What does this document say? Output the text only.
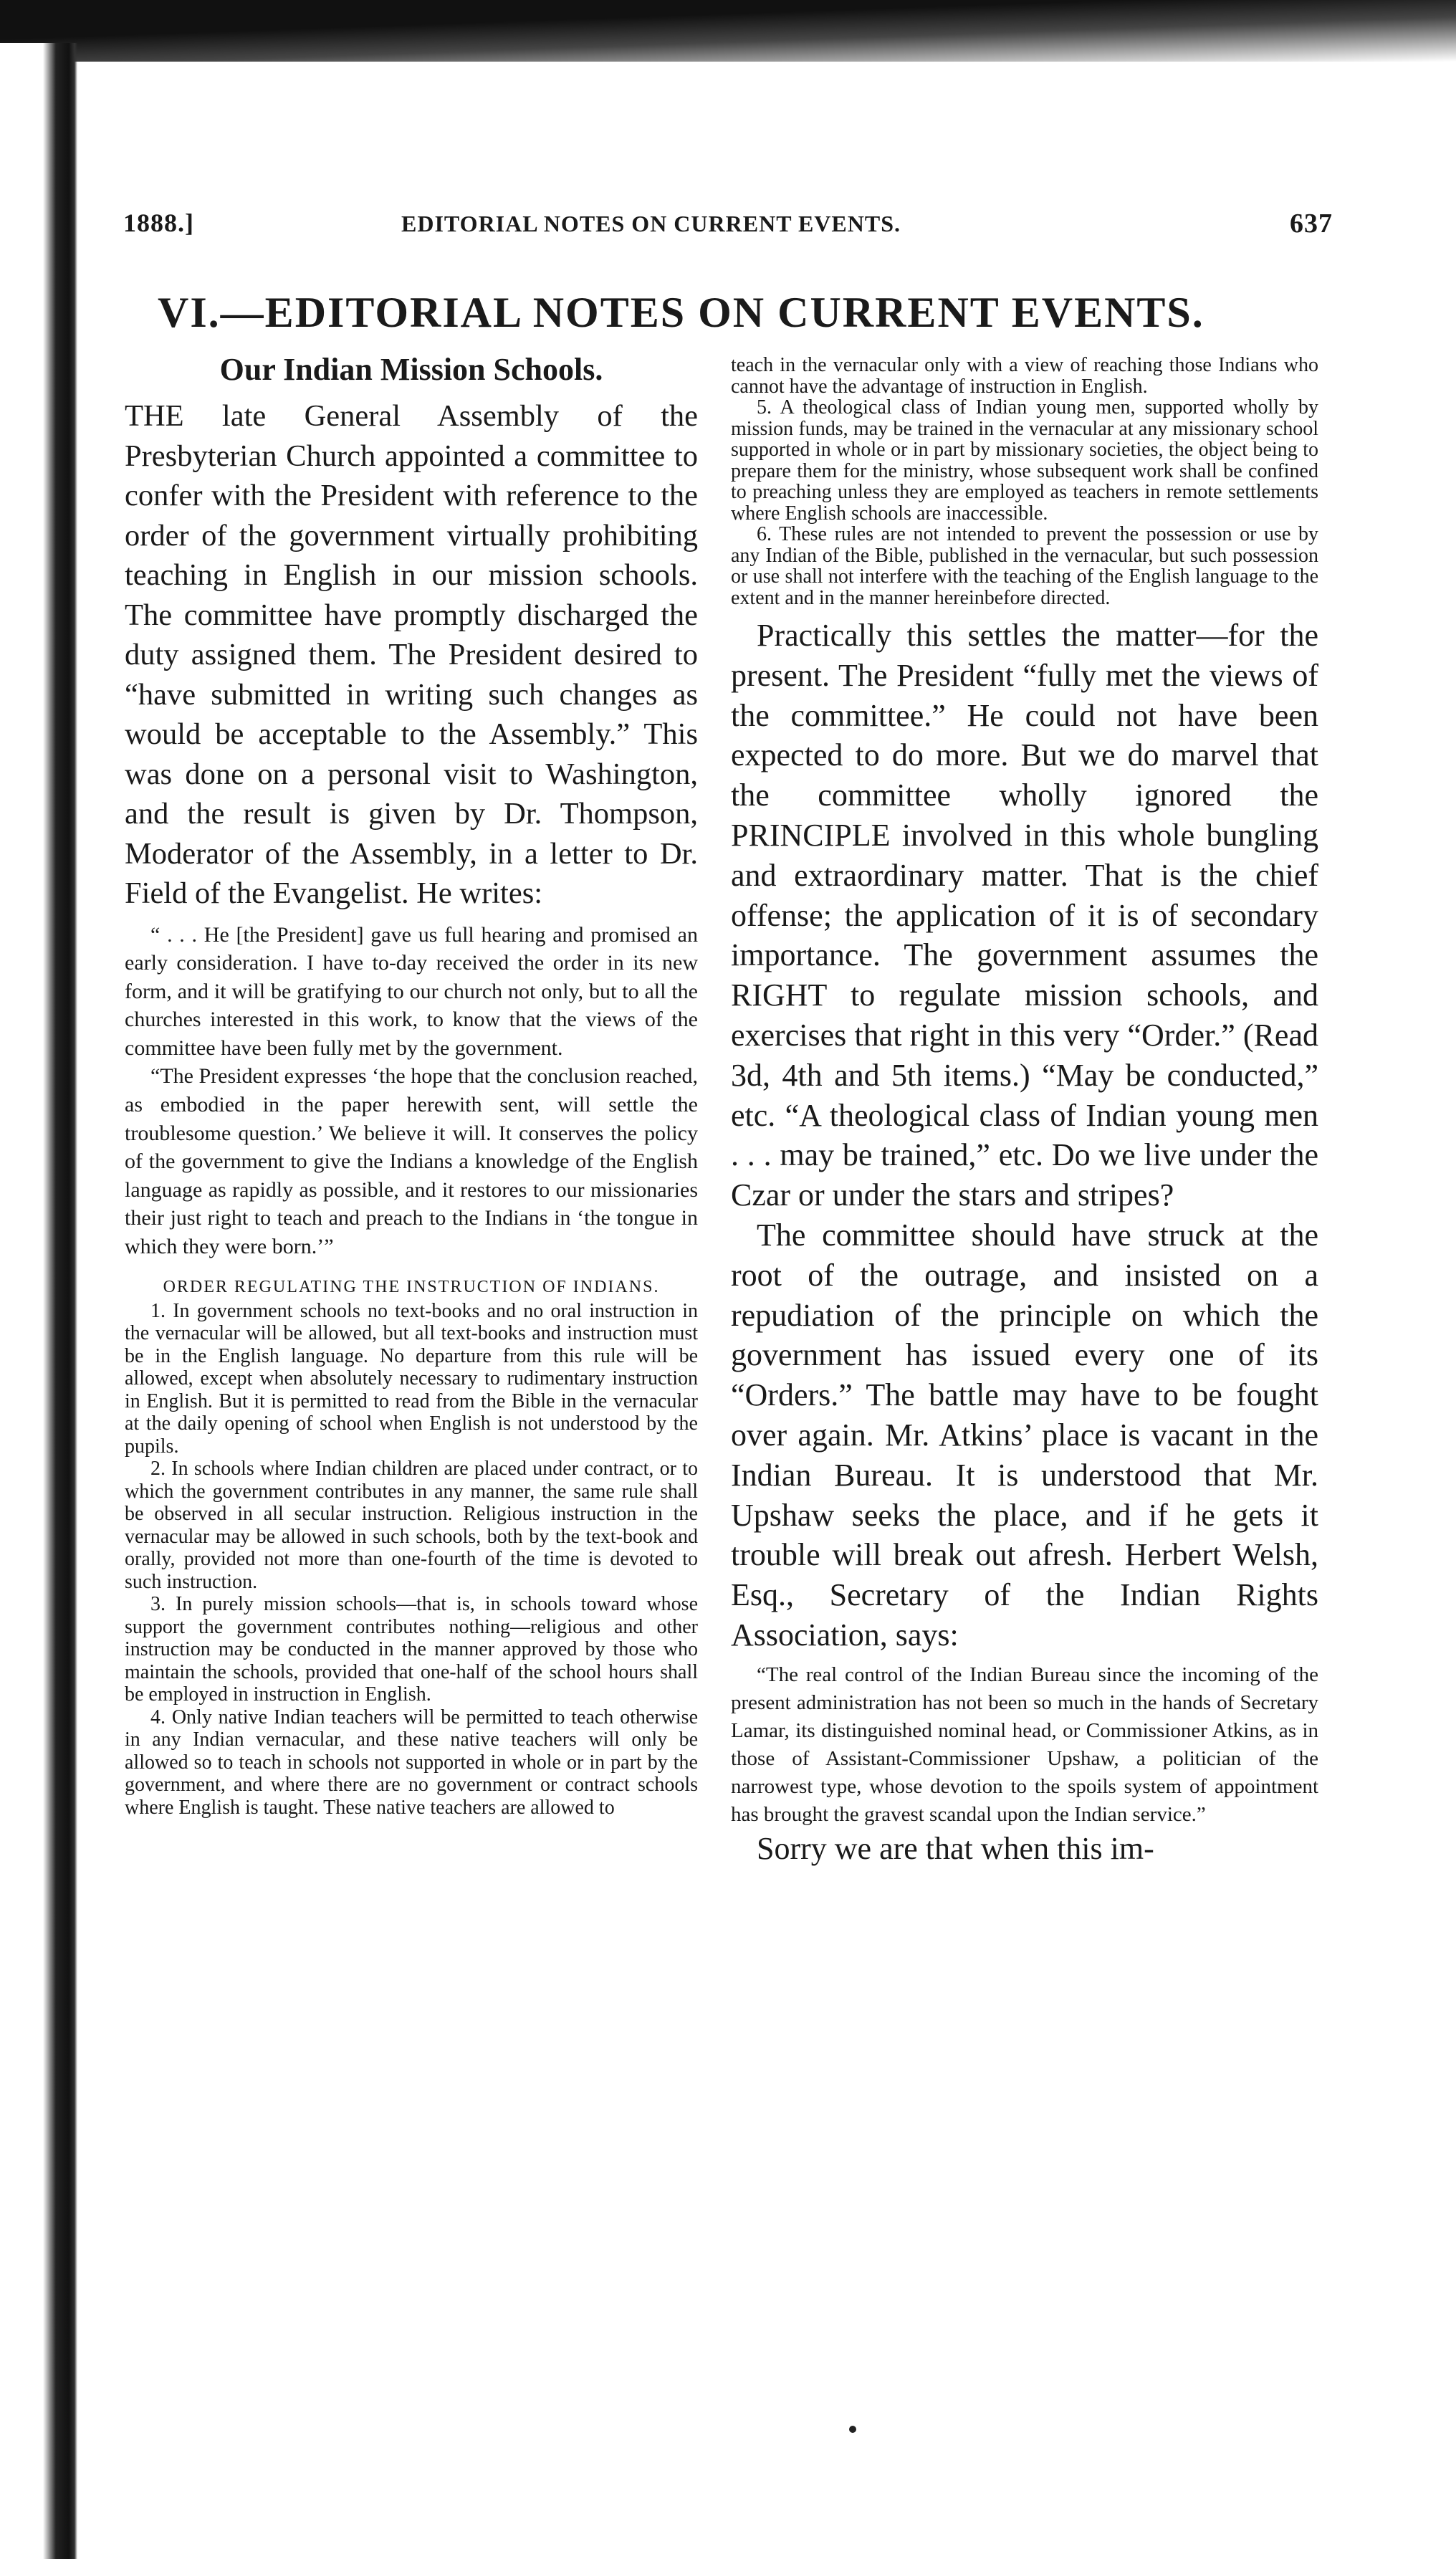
1888.]	EDITORIAL NOTES ON CURRENT EVENTS.	637
VI.—EDITORIAL NOTES ON CURRENT EVENTS.
Our Indian Mission Schools.

THE late General Assembly of the Presbyterian Church appointed a committee to confer with the President with reference to the order of the government virtually prohibiting teaching in English in our mission schools. The committee have promptly discharged the duty assigned them. The President desired to “have submitted in writing such changes as would be acceptable to the Assembly.” This was done on a personal visit to Washington, and the result is given by Dr. Thompson, Moderator of the Assembly, in a letter to Dr. Field of the Evangelist. He writes:

“ . . . He [the President] gave us full hearing and promised an early consideration. I have to-day received the order in its new form, and it will be gratifying to our church not only, but to all the churches interested in this work, to know that the views of the committee have been fully met by the government.

“The President expresses ‘the hope that the conclusion reached, as embodied in the paper herewith sent, will settle the troublesome question.’ We believe it will. It conserves the policy of the government to give the Indians a knowledge of the English language as rapidly as possible, and it restores to our missionaries their just right to teach and preach to the Indians in ‘the tongue in which they were born.’”

ORDER REGULATING THE INSTRUCTION OF INDIANS.

1. In government schools no text-books and no oral instruction in the vernacular will be allowed, but all text-books and instruction must be in the English language. No departure from this rule will be allowed, except when absolutely necessary to rudimentary instruction in English. But it is permitted to read from the Bible in the vernacular at the daily opening of school when English is not understood by the pupils.

2. In schools where Indian children are placed under contract, or to which the government contributes in any manner, the same rule shall be observed in all secular instruction. Religious instruction in the vernacular may be allowed in such schools, both by the text-book and orally, provided not more than one-fourth of the time is devoted to such instruction.

3. In purely mission schools—that is, in schools toward whose support the government contributes nothing—religious and other instruction may be conducted in the manner approved by those who maintain the schools, provided that one-half of the school hours shall be employed in instruction in English.

4. Only native Indian teachers will be permitted to teach otherwise in any Indian vernacular, and these native teachers will only be allowed so to teach in schools not supported in whole or in part by the government, and where there are no government or contract schools where English is taught. These native teachers are allowed to

teach in the vernacular only with a view of reaching those Indians who cannot have the advantage of instruction in English.

5. A theological class of Indian young men, supported wholly by mission funds, may be trained in the vernacular at any missionary school supported in whole or in part by missionary societies, the object being to prepare them for the ministry, whose subsequent work shall be confined to preaching unless they are employed as teachers in remote settlements where English schools are inaccessible.

6. These rules are not intended to prevent the possession or use by any Indian of the Bible, published in the vernacular, but such possession or use shall not interfere with the teaching of the English language to the extent and in the manner hereinbefore directed.

Practically this settles the matter—for the present. The President “fully met the views of the committee.” He could not have been expected to do more. But we do marvel that the committee wholly ignored the PRINCIPLE involved in this whole bungling and extraordinary matter. That is the chief offense; the application of it is of secondary importance. The government assumes the RIGHT to regulate mission schools, and exercises that right in this very “Order.” (Read 3d, 4th and 5th items.) “May be conducted,” etc. “A theological class of Indian young men . . . may be trained,” etc. Do we live under the Czar or under the stars and stripes?

The committee should have struck at the root of the outrage, and insisted on a repudiation of the principle on which the government has issued every one of its “Orders.” The battle may have to be fought over again. Mr. Atkins’ place is vacant in the Indian Bureau. It is understood that Mr. Upshaw seeks the place, and if he gets it trouble will break out afresh. Herbert Welsh, Esq., Secretary of the Indian Rights Association, says:

“The real control of the Indian Bureau since the incoming of the present administration has not been so much in the hands of Secretary Lamar, its distinguished nominal head, or Commissioner Atkins, as in those of Assistant-Commissioner Upshaw, a politician of the narrowest type, whose devotion to the spoils system of appointment has brought the gravest scandal upon the Indian service.”

Sorry we are that when this im-
